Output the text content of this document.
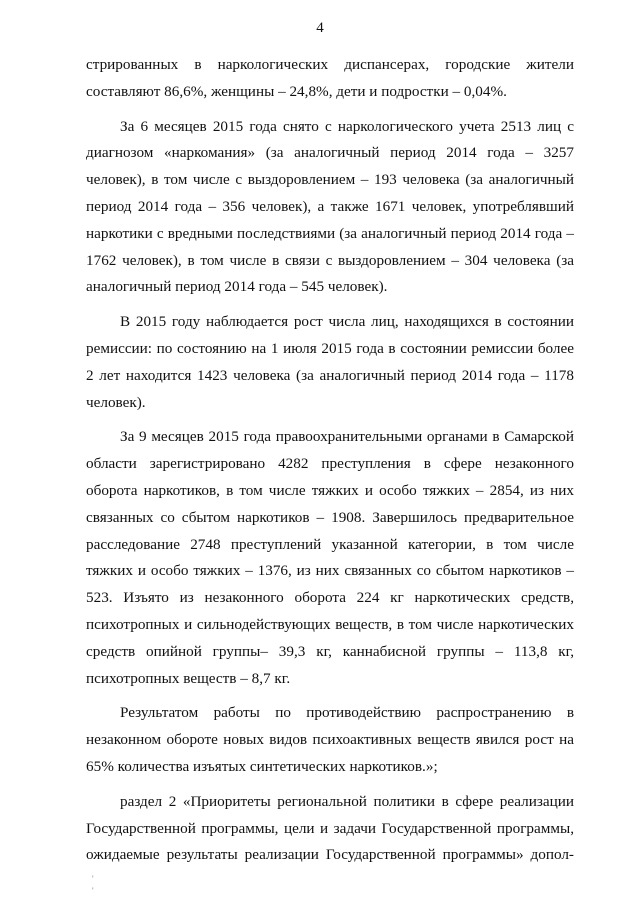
4

стрированных в наркологических диспансерах, городские жители составляют 86,6%, женщины – 24,8%, дети и подростки – 0,04%.

За 6 месяцев 2015 года снято с наркологического учета 2513 лиц с диагнозом «наркомания» (за аналогичный период 2014 года – 3257 человек), в том числе с выздоровлением – 193 человека (за аналогичный период 2014 года – 356 человек), а также 1671 человек, употреблявший наркотики с вредными последствиями (за аналогичный период 2014 года – 1762 человек), в том числе в связи с выздоровлением – 304 человека (за аналогичный период 2014 года – 545 человек).

В 2015 году наблюдается рост числа лиц, находящихся в состоянии ремиссии: по состоянию на 1 июля 2015 года в состоянии ремиссии более 2 лет находится 1423 человека (за аналогичный период 2014 года – 1178 человек).

За 9 месяцев 2015 года правоохранительными органами в Самарской области зарегистрировано 4282 преступления в сфере незаконного оборота наркотиков, в том числе тяжких и особо тяжких – 2854, из них связанных со сбытом наркотиков – 1908. Завершилось предварительное расследование 2748 преступлений указанной категории, в том числе тяжких и особо тяжких – 1376, из них связанных со сбытом наркотиков – 523. Изъято из незаконного оборота 224 кг наркотических средств, психотропных и сильнодействующих веществ, в том числе наркотических средств опийной группы– 39,3 кг, каннабисной группы – 113,8 кг, психотропных веществ – 8,7 кг.

Результатом работы по противодействию распространению в незаконном обороте новых видов психоактивных веществ явился рост на 65% количества изъятых синтетических наркотиков.»;

раздел 2 «Приоритеты региональной политики в сфере реализации Государственной программы, цели и задачи Государственной программы, ожидаемые результаты реализации Государственной программы» допол-

'
'
